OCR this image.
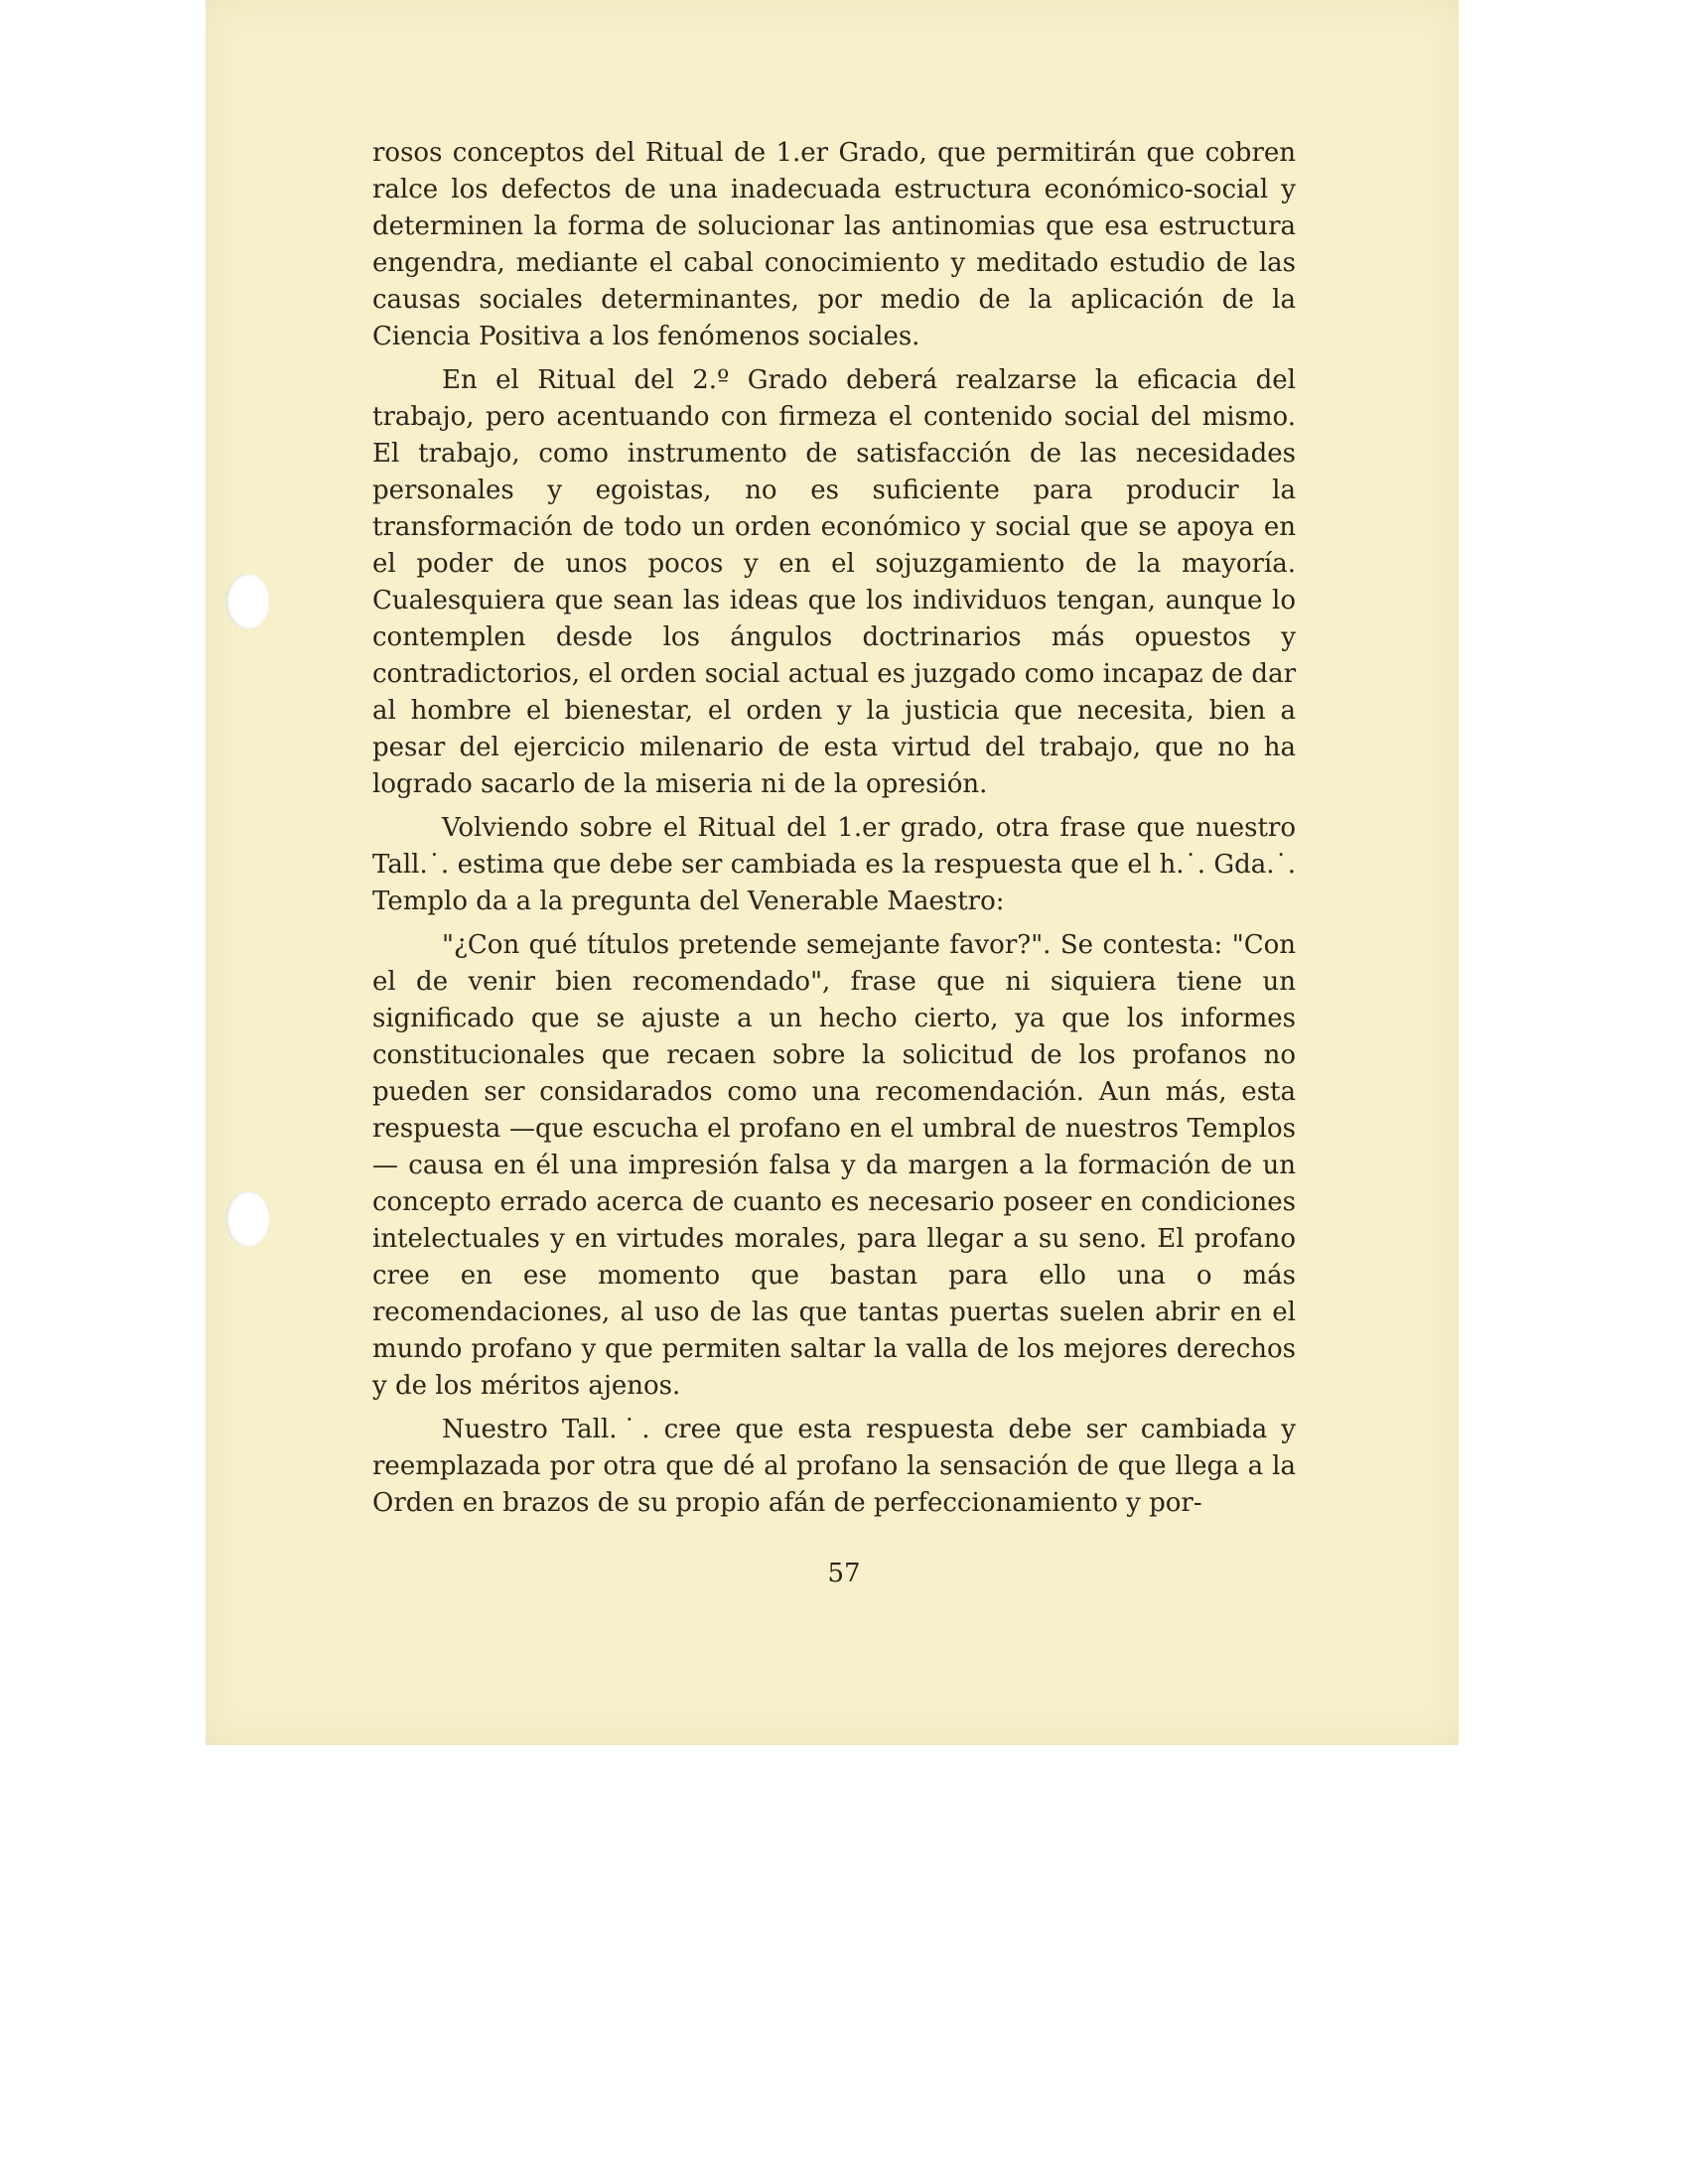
rosos conceptos del Ritual de 1.er Grado, que permitirán que cobren ralce los defectos de una inadecuada estructura económico-social y determinen la forma de solucionar las antinomias que esa estructura engendra, mediante el cabal conocimiento y meditado estudio de las causas sociales determinantes, por medio de la aplicación de la Ciencia Positiva a los fenómenos sociales.

En el Ritual del 2.º Grado deberá realzarse la eficacia del trabajo, pero acentuando con firmeza el contenido social del mismo. El trabajo, como instrumento de satisfacción de las necesidades personales y egoistas, no es suficiente para producir la transformación de todo un orden económico y social que se apoya en el poder de unos pocos y en el sojuzgamiento de la mayoría. Cualesquiera que sean las ideas que los individuos tengan, aunque lo contemplen desde los ángulos doctrinarios más opuestos y contradictorios, el orden social actual es juzgado como incapaz de dar al hombre el bienestar, el orden y la justicia que necesita, bien a pesar del ejercicio milenario de esta virtud del trabajo, que no ha logrado sacarlo de la miseria ni de la opresión.

Volviendo sobre el Ritual del 1.er grado, otra frase que nuestro Tall.˙. estima que debe ser cambiada es la respuesta que el h.˙. Gda.˙. Templo da a la pregunta del Venerable Maestro:

"¿Con qué títulos pretende semejante favor?". Se contesta: "Con el de venir bien recomendado", frase que ni siquiera tiene un significado que se ajuste a un hecho cierto, ya que los informes constitucionales que recaen sobre la solicitud de los profanos no pueden ser considarados como una recomendación. Aun más, esta respuesta —que escucha el profano en el umbral de nuestros Templos — causa en él una impresión falsa y da margen a la formación de un concepto errado acerca de cuanto es necesario poseer en condiciones intelectuales y en virtudes morales, para llegar a su seno. El profano cree en ese momento que bastan para ello una o más recomendaciones, al uso de las que tantas puertas suelen abrir en el mundo profano y que permiten saltar la valla de los mejores derechos y de los méritos ajenos.

Nuestro Tall.˙. cree que esta respuesta debe ser cambiada y reemplazada por otra que dé al profano la sensación de que llega a la Orden en brazos de su propio afán de perfeccionamiento y por-

57
